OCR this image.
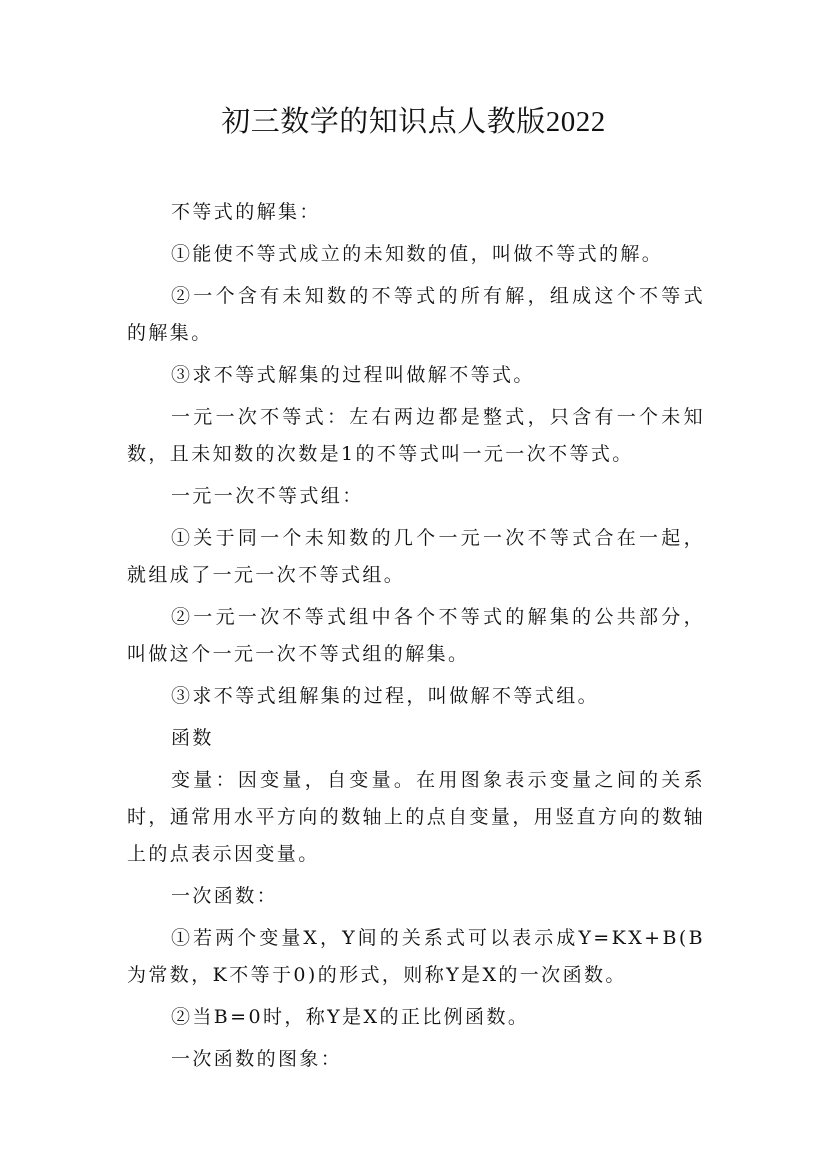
初三数学的知识点人教版2022

不等式的解集：

①能使不等式成立的未知数的值，叫做不等式的解。

②一个含有未知数的不等式的所有解，组成这个不等式的解集。

③求不等式解集的过程叫做解不等式。

一元一次不等式：左右两边都是整式，只含有一个未知数，且未知数的次数是1的不等式叫一元一次不等式。

一元一次不等式组：

①关于同一个未知数的几个一元一次不等式合在一起，就组成了一元一次不等式组。

②一元一次不等式组中各个不等式的解集的公共部分，叫做这个一元一次不等式组的解集。

③求不等式组解集的过程，叫做解不等式组。

函数

变量：因变量，自变量。在用图象表示变量之间的关系时，通常用水平方向的数轴上的点自变量，用竖直方向的数轴上的点表示因变量。

一次函数：

①若两个变量X，Y间的关系式可以表示成Y=KX+B(B为常数，K不等于0)的形式，则称Y是X的一次函数。

②当B=0时，称Y是X的正比例函数。

一次函数的图象：
